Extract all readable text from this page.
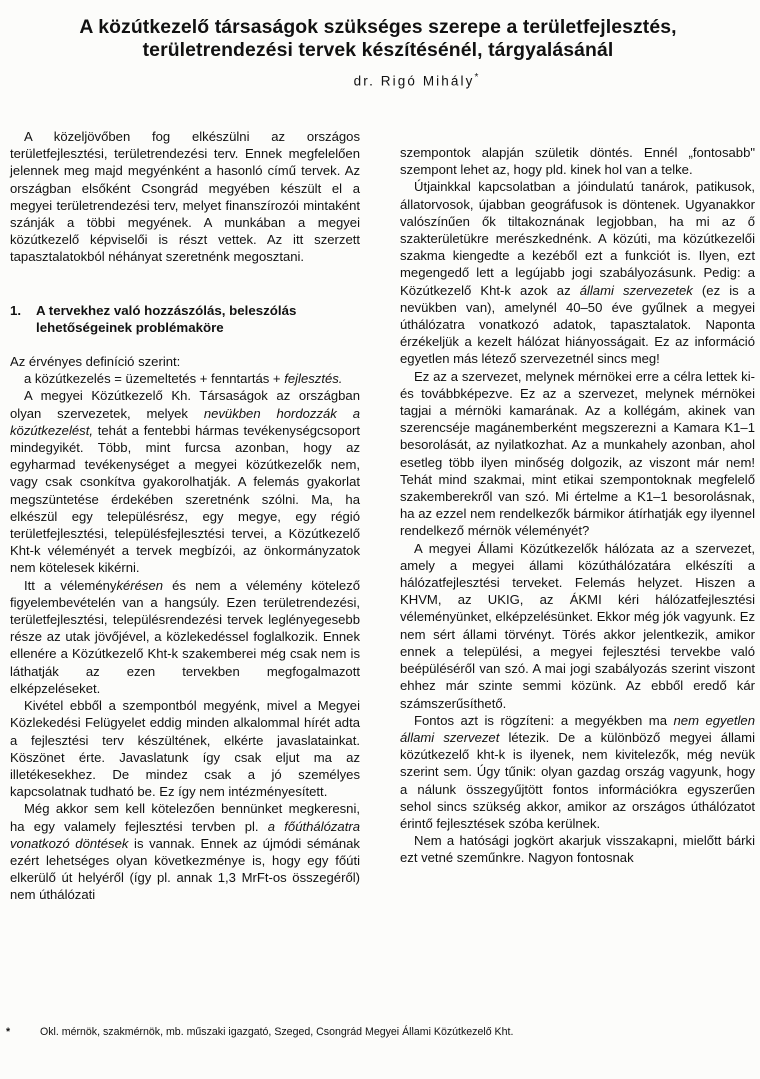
A közútkezelő társaságok szükséges szerepe a területfejlesztés,
területrendezési tervek készítésénél, tárgyalásánál
dr. Rigó Mihály*

A közeljövőben fog elkészülni az országos területfejlesztési, területrendezési terv. Ennek megfelelően jelennek meg majd megyénként a hasonló című tervek. Az országban elsőként Csongrád megyében készült el a megyei területrendezési terv, melyet finanszírozói mintaként szánják a többi megyének. A munkában a megyei közútkezelő képviselői is részt vettek. Az itt szerzett tapasztalatokból néhányat szeretnénk megosztani.

1. A tervekhez való hozzászólás, beleszólás lehetőségeinek problémaköre

Az érvényes definíció szerint:

a közútkezelés = üzemeltetés + fenntartás + fejlesztés.

A megyei Közútkezelő Kh. Társaságok az országban olyan szervezetek, melyek nevükben hordozzák a közútkezelést, tehát a fentebbi hármas tevékenységcsoport mindegyikét. Több, mint furcsa azonban, hogy az egyharmad tevékenységet a megyei közútkezelők nem, vagy csak csonkítva gyakorolhatják. A felemás gyakorlat megszüntetése érdekében szeretnénk szólni. Ma, ha elkészül egy településrész, egy megye, egy régió területfejlesztési, településfejlesztési tervei, a Közútkezelő Kht-k véleményét a tervek megbízói, az önkormányzatok nem kötelesek kikérni.

Itt a véleménykérésen és nem a vélemény kötelező figyelembevételén van a hangsúly. Ezen területrendezési, területfejlesztési, településrendezési tervek leglényegesebb része az utak jövőjével, a közlekedéssel foglalkozik. Ennek ellenére a Közútkezelő Kht-k szakemberei még csak nem is láthatják az ezen tervekben megfogalmazott elképzeléseket.

Kivétel ebből a szempontból megyénk, mivel a Megyei Közlekedési Felügyelet eddig minden alkalommal hírét adta a fejlesztési terv készültének, elkérte javaslatainkat. Köszönet érte. Javaslatunk így csak eljut ma az illetékesekhez. De mindez csak a jó személyes kapcsolatnak tudható be. Ez így nem intézményesített.

Még akkor sem kell kötelezően bennünket megkeresni, ha egy valamely fejlesztési tervben pl. a főúthálózatra vonatkozó döntések is vannak. Ennek az újmódi sémának ezért lehetséges olyan következménye is, hogy egy főúti elkerülő út helyéről (így pl. annak 1,3 MrFt-os összegéről) nem úthálózati

szempontok alapján születik döntés. Ennél „fontosabb" szempont lehet az, hogy pld. kinek hol van a telke.

Útjainkkal kapcsolatban a jóindulatú tanárok, patikusok, állatorvosok, újabban geográfusok is döntenek. Ugyanakkor valószínűen ők tiltakoznának legjobban, ha mi az ő szakterületükre merészkednénk. A közúti, ma közútkezelői szakma kiengedte a kezéből ezt a funkciót is. Ilyen, ezt megengedő lett a legújabb jogi szabályozásunk. Pedig: a Közútkezelő Kht-k azok az állami szervezetek (ez is a nevükben van), amelynél 40–50 éve gyűlnek a megyei úthálózatra vonatkozó adatok, tapasztalatok. Naponta érzékeljük a kezelt hálózat hiányosságait. Ez az információ egyetlen más létező szervezetnél sincs meg!

Ez az a szervezet, melynek mérnökei erre a célra lettek ki- és továbbképezve. Ez az a szervezet, melynek mérnökei tagjai a mérnöki kamarának. Az a kollégám, akinek van szerencséje magánemberként megszerezni a Kamara K1–1 besorolását, az nyilatkozhat. Az a munkahely azonban, ahol esetleg több ilyen minőség dolgozik, az viszont már nem! Tehát mind szakmai, mint etikai szempontoknak megfelelő szakemberekről van szó. Mi értelme a K1–1 besorolásnak, ha az ezzel nem rendelkezők bármikor átírhatják egy ilyennel rendelkező mérnök véleményét?

A megyei Állami Közútkezelők hálózata az a szervezet, amely a megyei állami közúthálózatára elkészíti a hálózatfejlesztési terveket. Felemás helyzet. Hiszen a KHVM, az UKIG, az ÁKMI kéri hálózatfejlesztési véleményünket, elképzelésünket. Ekkor még jók vagyunk. Ez nem sért állami törvényt. Törés akkor jelentkezik, amikor ennek a települési, a megyei fejlesztési tervekbe való beépüléséről van szó. A mai jogi szabályozás szerint viszont ehhez már szinte semmi közünk. Az ebből eredő kár számszerűsíthető.

Fontos azt is rögzíteni: a megyékben ma nem egyetlen állami szervezet létezik. De a különböző megyei állami közútkezelő kht-k is ilyenek, nem kivitelezők, még nevük szerint sem. Úgy tűnik: olyan gazdag ország vagyunk, hogy a nálunk összegyűjtött fontos információkra egyszerűen sehol sincs szükség akkor, amikor az országos úthálózatot érintő fejlesztések szóba kerülnek.

Nem a hatósági jogkört akarjuk visszakapni, mielőtt bárki ezt vetné szeműnkre. Nagyon fontosnak

*	Okl. mérnök, szakmérnök, mb. műszaki igazgató, Szeged, Csongrád Megyei Állami Közútkezelő Kht.
